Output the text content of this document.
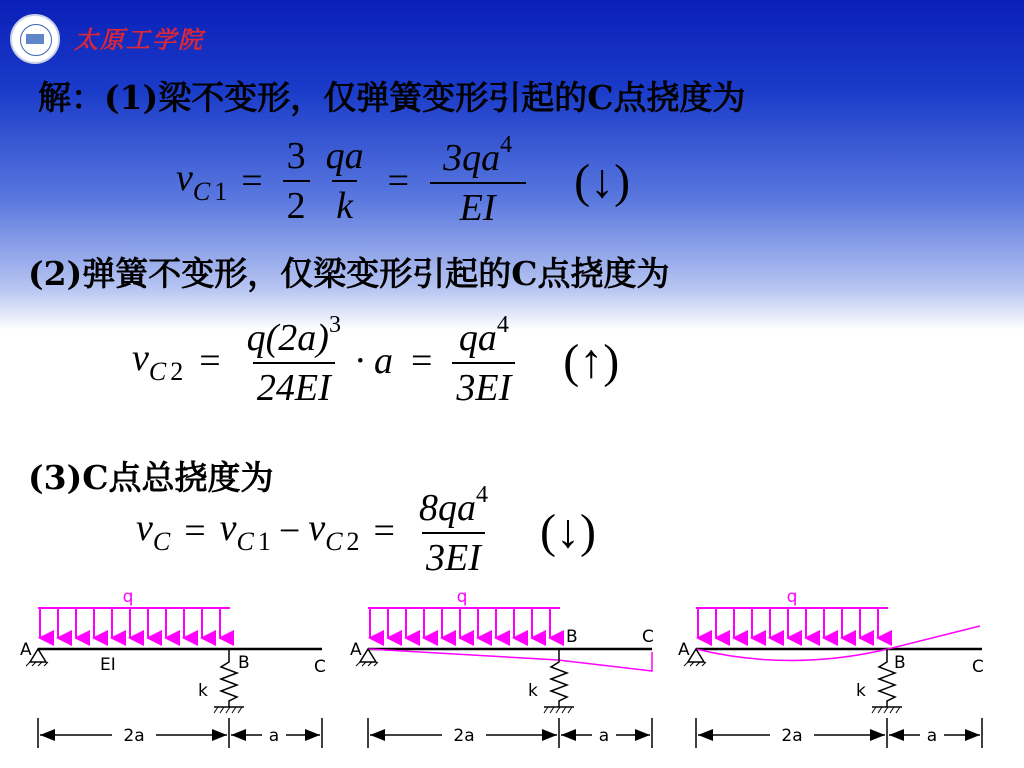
太原工学院
解：(1)梁不变形，仅弹簧变形引起的C点挠度为
$v_{C 1} = \frac{3}{2} \frac{qa}{k} = \frac{3qa^4}{EI}$ (↓)
(2)弹簧不变形，仅梁变形引起的C点挠度为
$v_{C 2} = \frac{q(2a)^3}{24EI} \cdot a = \frac{qa^4}{3EI}$ (↑)
(3)C点总挠度为
$v_C = v_{C 1} - v_{C 2} = \frac{8qa^4}{3EI}$ (↓)
q
A
EI	B	C
k
2a	a
q
A
B	C
k
2a	a
q
A
B	C
k
2a	a
